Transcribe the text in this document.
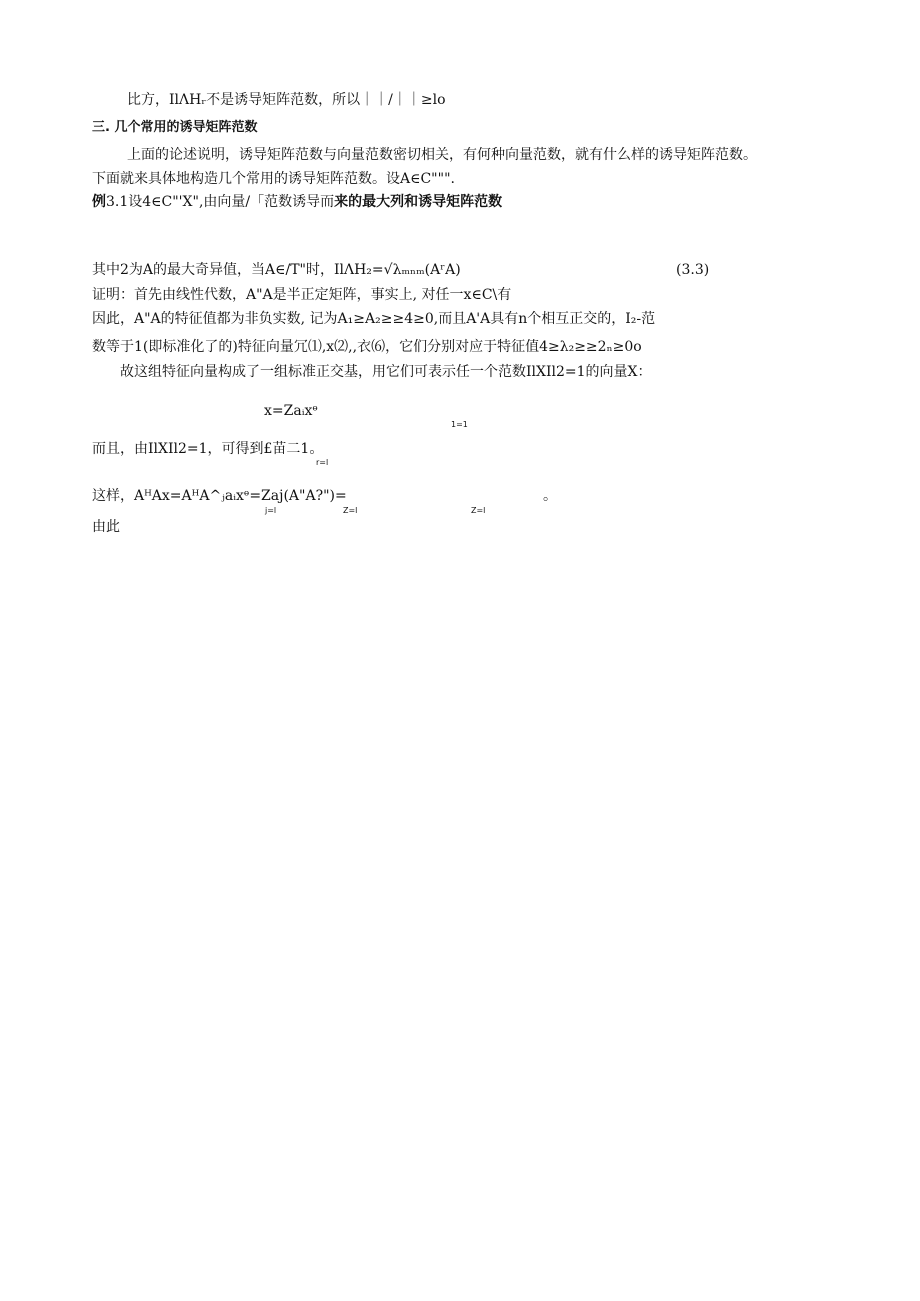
比方，IlΛHᵣ不是诱导矩阵范数，所以｜｜/｜｜≥lo
三. 几个常用的诱导矩阵范数
上面的论述说明，诱导矩阵范数与向量范数密切相关，有何种向量范数，就有什么样的诱导矩阵范数。
下面就来具体地构造几个常用的诱导矩阵范数。设A∈C""".
例3.1设4∈C"'X",由向量/「范数诱导而来的最大列和诱导矩阵范数
其中2为A的最大奇异值，当A∈/T"时，IlΛH₂=√λₘₙₘ(AʳA)	(3.3)
证明：首先由线性代数，A"A是半正定矩阵，事实上, 对任一x∈C\有
因此，A"A的特征值都为非负实数, 记为A₁≥A₂≥≥4≥0,而且A'A具有n个相互正交的，I₂-范
数等于1(即标准化了的)特征向量冗⑴,x⑵,,衣⑹，它们分别对应于特征值4≥λ₂≥≥2ₙ≥0o
故这组特征向量构成了一组标准正交基，用它们可表示任一个范数IlXIl2=1的向量X：
x=Zaᵢxᶱ
1=1
而且，由IlXIl2=1，可得到£苗二1。
r=l
这样，AᴴAx=AᴴA^ⱼaᵢxᶱ=Zaj(A"A?")=	。
j=l	Z=l	Z=l
由此
